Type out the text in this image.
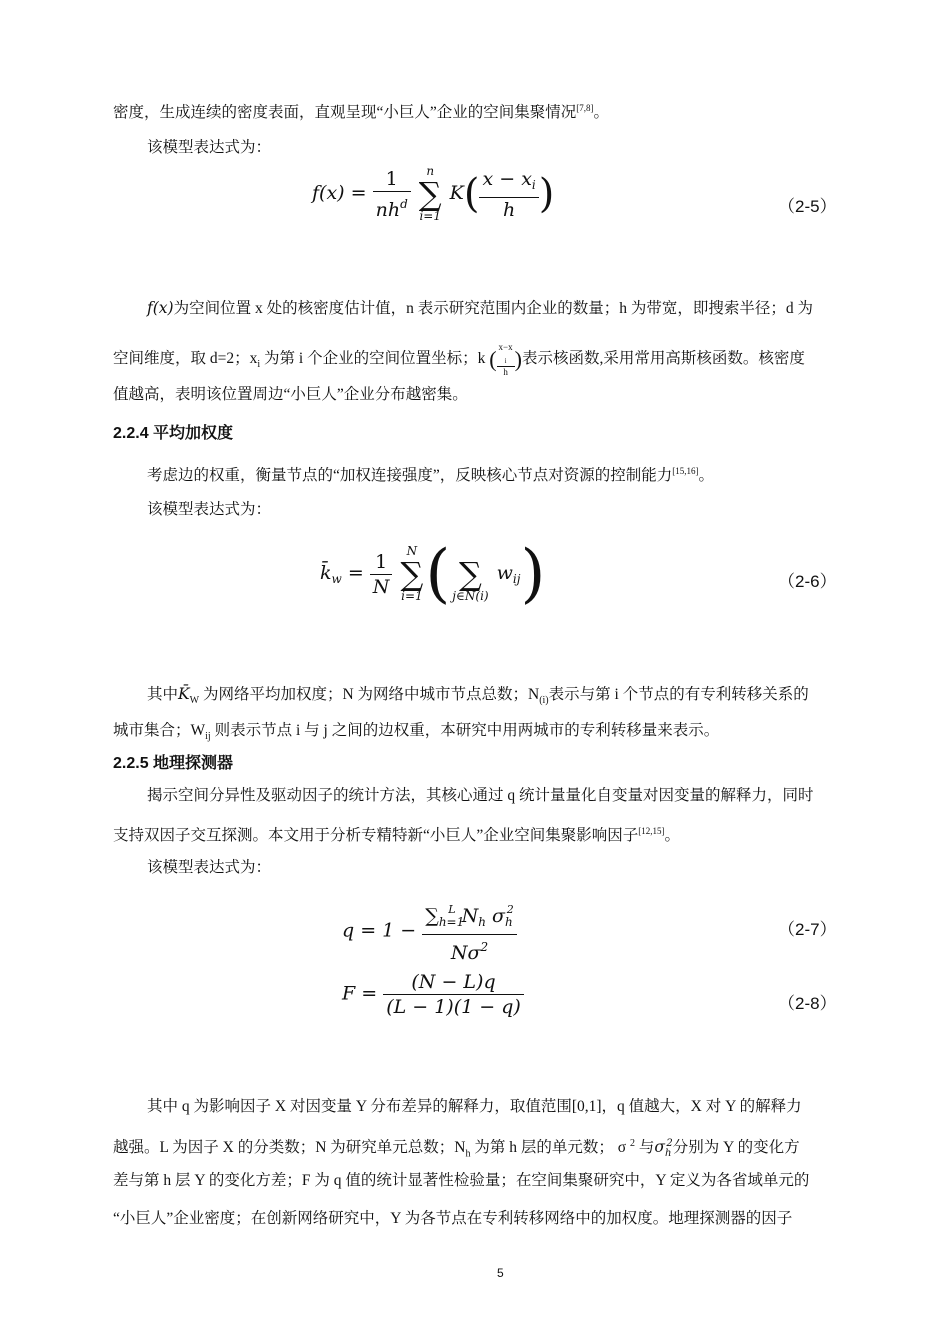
密度，生成连续的密度表面，直观呈现“小巨人”企业的空间集聚情况[7,8]。
该模型表达式为：
$f(x) = \frac{1}{nh^d}$
	n
∑
i=1
$K( \frac{x - x_i}{h}$ )	（2-5）
f(x)为空间位置 x 处的核密度估计值，n 表示研究范围内企业的数量；h 为带宽，即搜索半径；d 为
空间维度，取 d=2；$x_i$ 为第 i 个企业的空间位置坐标；k ( x−x
$_i$
h )表示核函数,采用常用高斯核函数。核密度
值越高，表明该位置周边“小巨人”企业分布越密集。
2.2.4 平均加权度
考虑边的权重，衡量节点的“加权连接强度”，反映核心节点对资源的控制能力[15,16]。
该模型表达式为：
$k̄_w = \frac{1}{N}$
	N
∑
i=1 (
∑
j∈N(i)
$w_{ij}$)	（2-6）
其中$K̄_W$ 为网络平均加权度；N 为网络中城市节点总数；$N_{(i)}$表示与第 i 个节点的有专利转移关系的
城市集合；$W_{ij}$ 则表示节点 i 与 j 之间的边权重，本研究中用两城市的专利转移量来表示。
2.2.5 地理探测器
揭示空间分异性及驱动因子的统计方法，其核心通过 q 统计量量化自变量对因变量的解释力，同时
支持双因子交互探测。本文用于分析专精特新“小巨人”企业空间集聚影响因子[12,15]。
该模型表达式为：
$q = 1 - \frac{\sum_{h=1}^L N_h \sigma_h^2}{N\sigma^2}$	（2-7）
$F = \frac{(N - L)q}{(L - 1)(1 - q)}$	（2-8）
其中 q 为影响因子 X 对因变量 Y 分布差异的解释力，取值范围[0,1]，q 值越大，X 对 Y 的解释力
越强。L 为因子 X 的分类数；N 为研究单元总数；$N_h$ 为第 h 层的单元数； σ $^2$ 与$\sigma_h^2$分别为 Y 的变化方
差与第 h 层 Y 的变化方差；F 为 q 值的统计显著性检验量；在空间集聚研究中，Y 定义为各省域单元的
“小巨人”企业密度；在创新网络研究中，Y 为各节点在专利转移网络中的加权度。地理探测器的因子
5
